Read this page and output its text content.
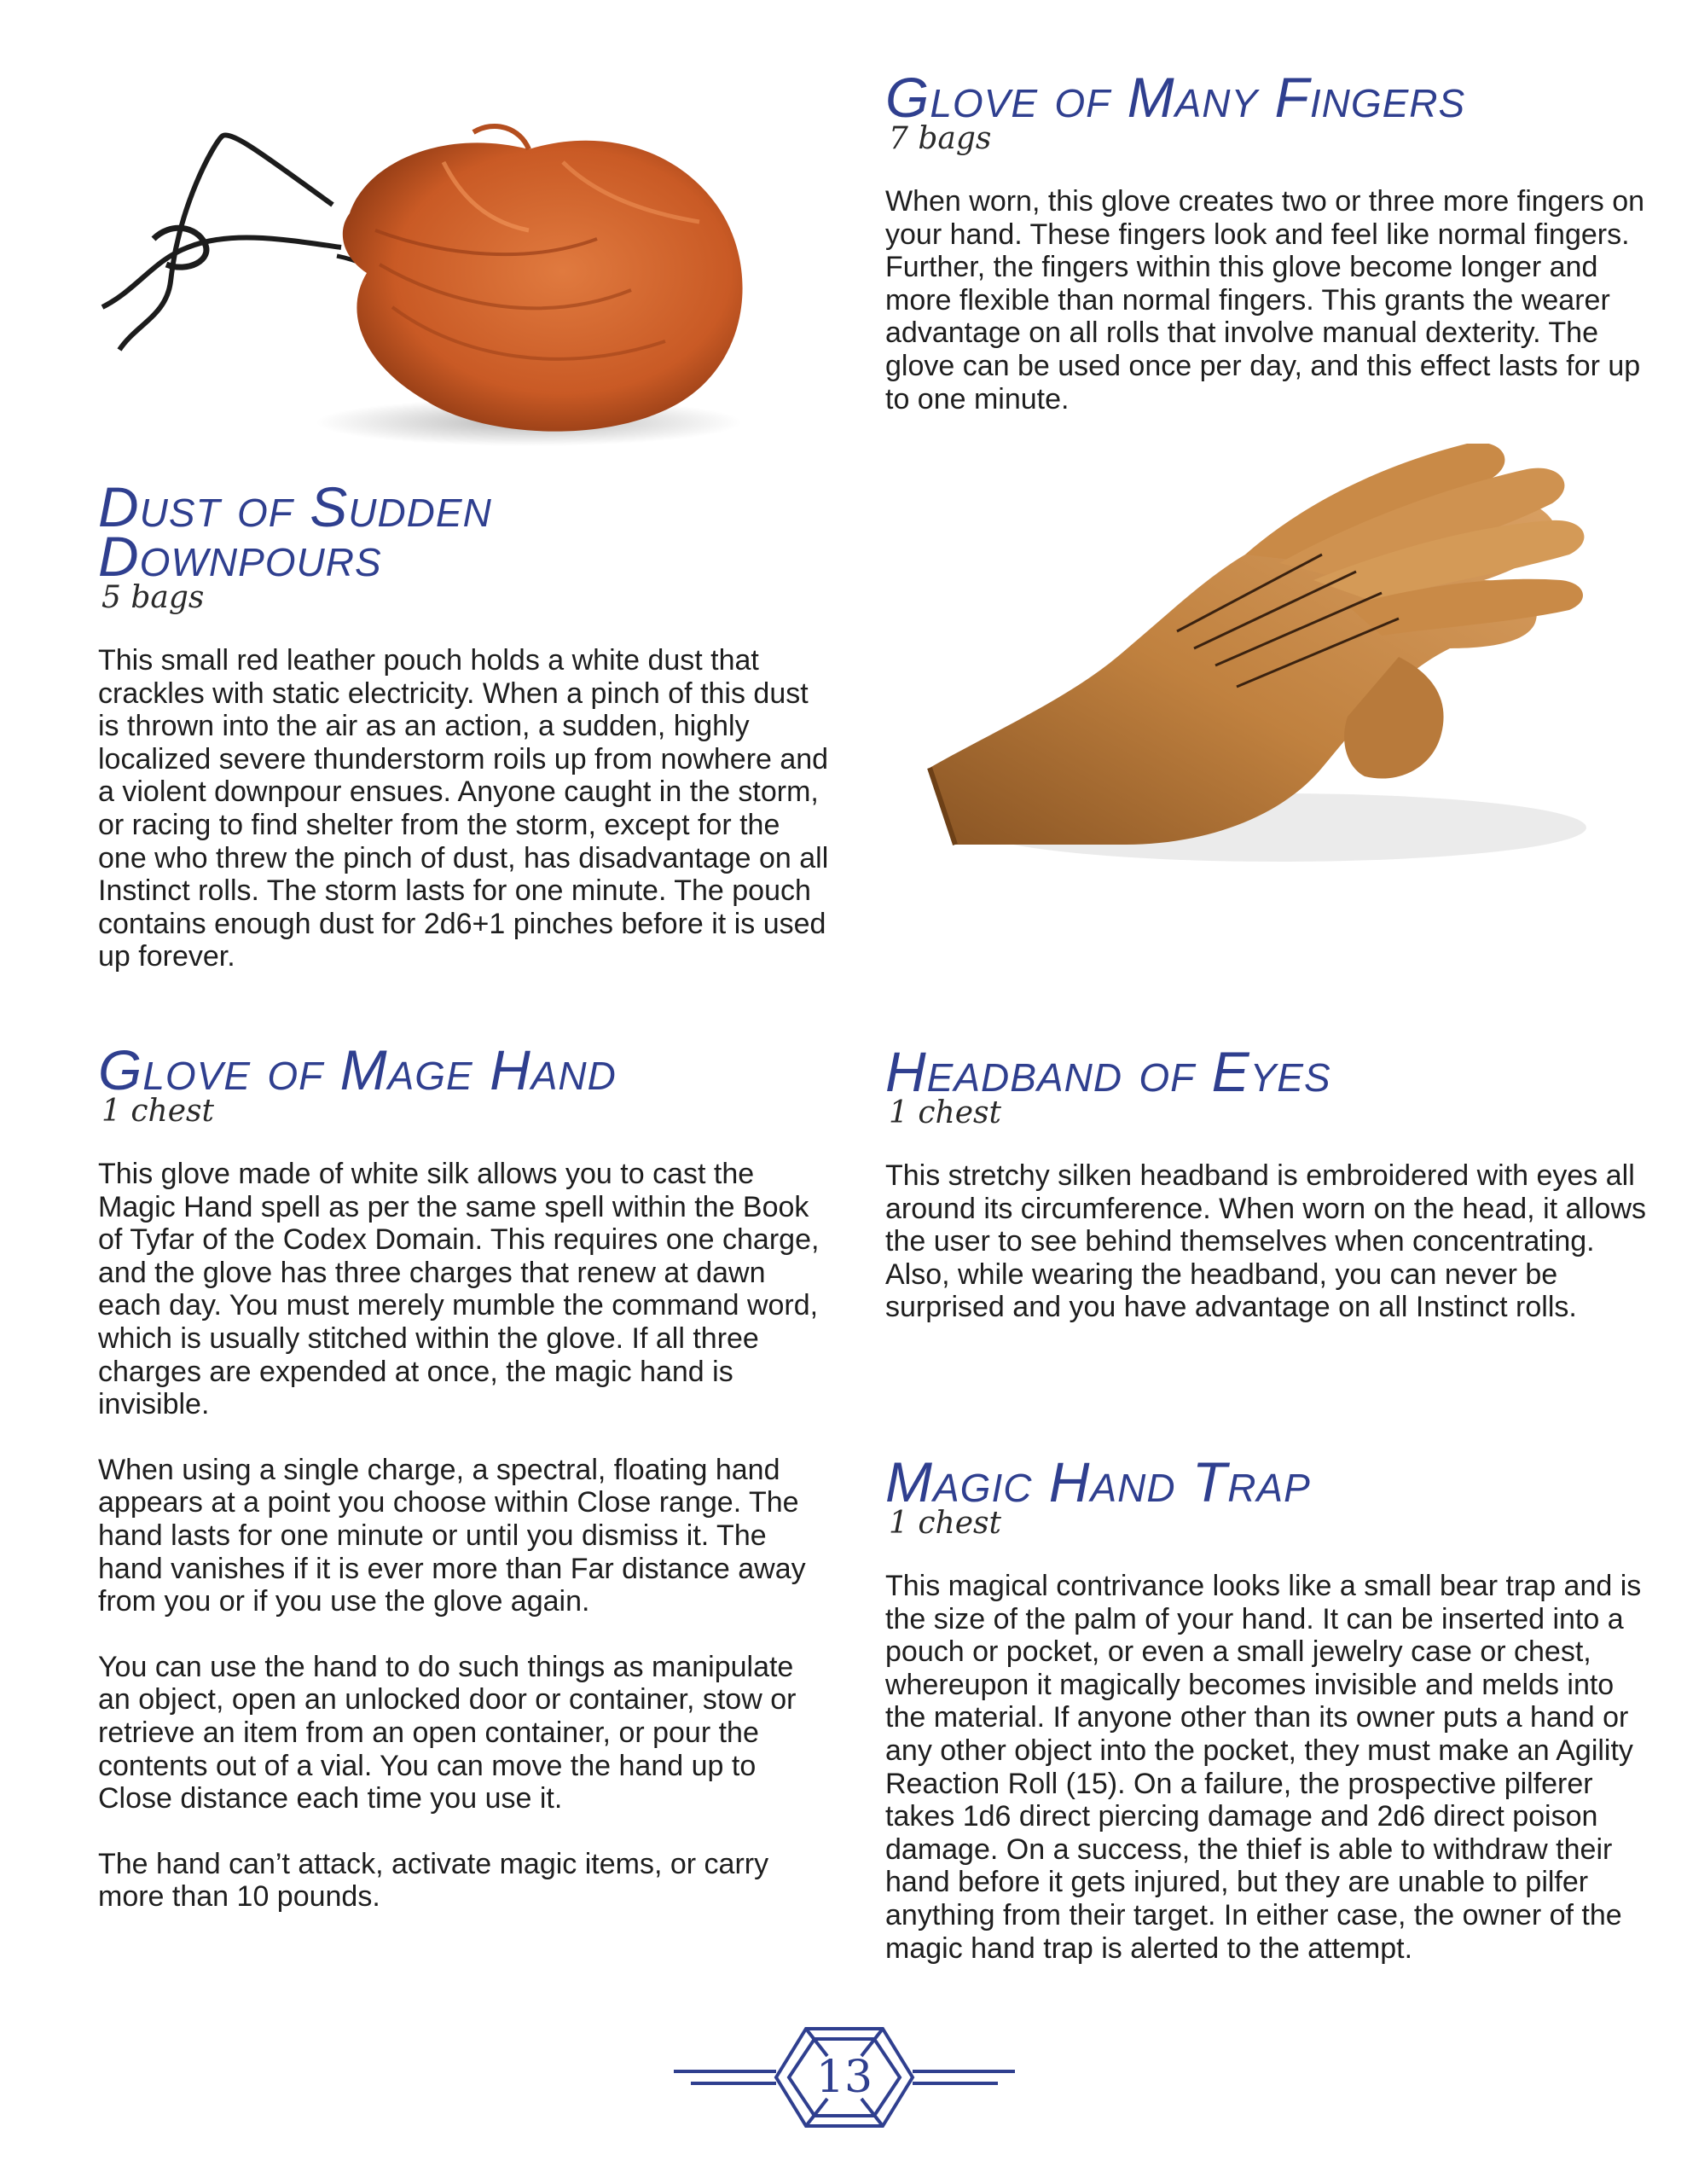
Glove of Many Fingers
7 bags

When worn, this glove creates two or three more fingers on your hand. These fingers look and feel like normal fingers. Further, the fingers within this glove become longer and more flexible than normal fingers. This grants the wearer advantage on all rolls that involve manual dexterity. The glove can be used once per day, and this effect lasts for up to one minute.

Dust of Sudden
Downpours
5 bags

This small red leather pouch holds a white dust that crackles with static electricity. When a pinch of this dust is thrown into the air as an action, a sudden, highly localized severe thunderstorm roils up from nowhere and a violent downpour ensues. Anyone caught in the storm, or racing to find shelter from the storm, except for the one who threw the pinch of dust, has disadvantage on all Instinct rolls. The storm lasts for one minute. The pouch contains enough dust for 2d6+1 pinches before it is used up forever.

Glove of Mage Hand
1 chest

This glove made of white silk allows you to cast the Magic Hand spell as per the same spell within the Book of Tyfar of the Codex Domain. This requires one charge, and the glove has three charges that renew at dawn each day. You must merely mumble the command word, which is usually stitched within the glove. If all three charges are expended at once, the magic hand is invisible.

When using a single charge, a spectral, floating hand appears at a point you choose within Close range. The hand lasts for one minute or until you dismiss it. The hand vanishes if it is ever more than Far distance away from you or if you use the glove again.

You can use the hand to do such things as manipulate an object, open an unlocked door or container, stow or retrieve an item from an open container, or pour the contents out of a vial. You can move the hand up to Close distance each time you use it.

The hand can’t attack, activate magic items, or carry more than 10 pounds.

Headband of Eyes
1 chest

This stretchy silken headband is embroidered with eyes all around its circumference. When worn on the head, it allows the user to see behind themselves when concentrating. Also, while wearing the headband, you can never be surprised and you have advantage on all Instinct rolls.

Magic Hand Trap
1 chest

This magical contrivance looks like a small bear trap and is the size of the palm of your hand. It can be inserted into a pouch or pocket, or even a small jewelry case or chest, whereupon it magically becomes invisible and melds into the material. If anyone other than its owner puts a hand or any other object into the pocket, they must make an Agility Reaction Roll (15). On a failure, the prospective pilferer takes 1d6 direct piercing damage and 2d6 direct poison damage. On a success, the thief is able to withdraw their hand before it gets injured, but they are unable to pilfer anything from their target. In either case, the owner of the magic hand trap is alerted to the attempt.

13
